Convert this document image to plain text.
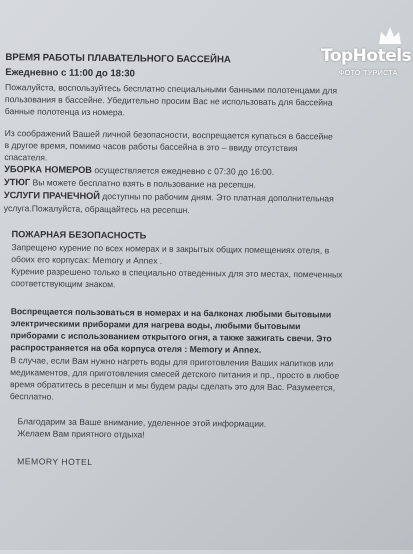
ВРЕМЯ РАБОТЫ ПЛАВАТЕЛЬНОГО БАССЕЙНА

Ежедневно с 11:00 до 18:30

Пожалуйста, воспользуйтесь бесплатно специальными банными полотенцами для

пользования в бассейне. Убедительно просим Вас не использовать для бассейна

банные полотенца из номера.

Из соображений Вашей личной безопасности, воспрещается купаться в бассейне

в другое время, помимо часов работы бассейна в это – ввиду отсутствия

спасателя.

УБОРКА НОМЕРОВ осуществляется ежедневно с 07:30 до 16:00.

УТЮГ Вы можете бесплатно взять в пользование на ресепшн.

УСЛУГИ ПРАЧЕЧНОЙ доступны по рабочим дням. Это платная дополнительная

услуга.Пожалуйста, обращайтесь на ресепшн.

ПОЖАРНАЯ БЕЗОПАСНОСТЬ

Запрещено курение по всех номерах и в закрытых общих помещениях отеля, в

обоих его корпусах: Memory и Annex .

Курение разрешено только в специально отведенных для это местах, помеченных

соответствующим знаком.

Воспрещается пользоваться в номерах и на балконах любыми бытовыми

электрическими приборами для нагрева воды, любыми бытовыми

приборами с использованием открытого огня, а также зажигать свечи. Это

распространяется на оба корпуса отеля : Memory и Annex.

В случае, если Вам нужно нагреть воды для приготовления Ваших напитков или

медикаментов, для приготовления смесей детского питания и пр., просто в любое

время обратитесь в ресепшн и мы будем рады сделать это для Вас. Разумеется,

бесплатно.

Благодарим за Ваше внимание, уделенное этой информации.

Желаем Вам приятного отдыха!

MEMORY HOTEL

TopHotels
ФОТО ТУРИСТА
